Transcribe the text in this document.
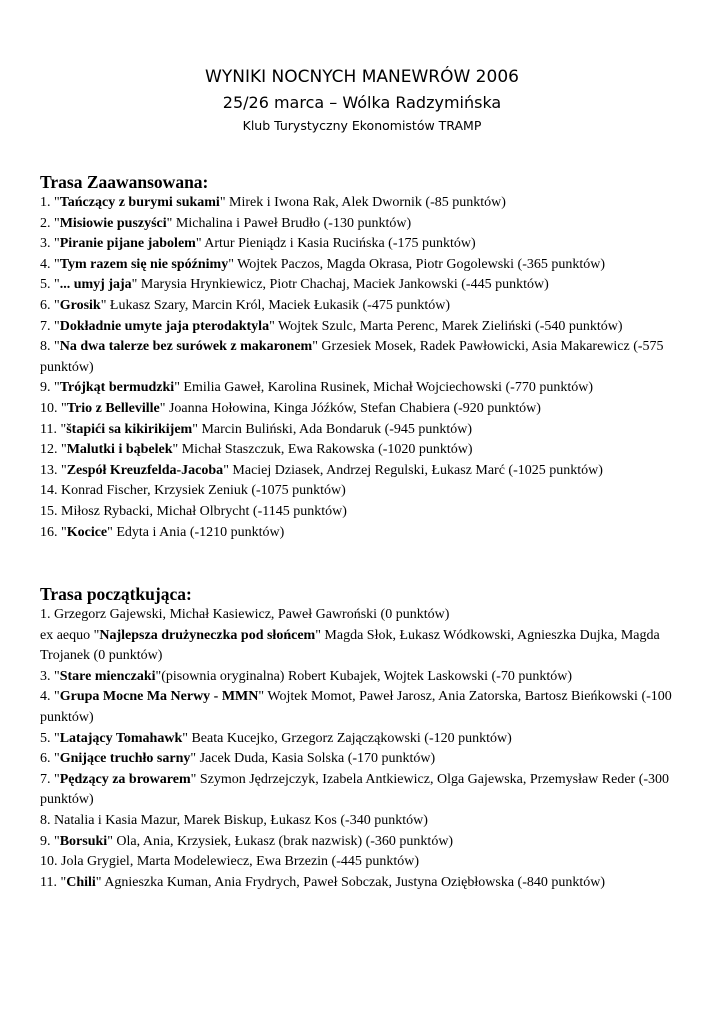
WYNIKI NOCNYCH MANEWRÓW 2006
25/26 marca – Wólka Radzymińska
Klub Turystyczny Ekonomistów TRAMP
Trasa Zaawansowana:
1. "Tańczący z burymi sukami" Mirek i Iwona Rak, Alek Dwornik (-85 punktów)
2. "Misiowie puszyści" Michalina i Paweł Brudło (-130 punktów)
3. "Piranie pijane jabolem" Artur Pieniądz i Kasia Rucińska (-175 punktów)
4. "Tym razem się nie spóźnimy" Wojtek Paczos, Magda Okrasa, Piotr Gogolewski (-365 punktów)
5. "... umyj jaja" Marysia Hrynkiewicz, Piotr Chachaj, Maciek Jankowski (-445 punktów)
6. "Grosik" Łukasz Szary, Marcin Król, Maciek Łukasik (-475 punktów)
7. "Dokładnie umyte jaja pterodaktyla" Wojtek Szulc, Marta Perenc, Marek Zieliński (-540 punktów)
8. "Na dwa talerze bez surówek z makaronem" Grzesiek Mosek, Radek Pawłowicki, Asia Makarewicz (-575 punktów)
9. "Trójkąt bermudzki" Emilia Gaweł, Karolina Rusinek, Michał Wojciechowski (-770 punktów)
10. "Trio z Belleville" Joanna Hołowina, Kinga Jóźków, Stefan Chabiera (-920 punktów)
11. "štapići sa kikirikijem" Marcin Buliński, Ada Bondaruk (-945 punktów)
12. "Malutki i bąbelek" Michał Staszczuk, Ewa Rakowska (-1020 punktów)
13. "Zespół Kreuzfelda-Jacoba" Maciej Dziasek, Andrzej Regulski, Łukasz Marć (-1025 punktów)
14. Konrad Fischer, Krzysiek Zeniuk (-1075 punktów)
15. Miłosz Rybacki, Michał Olbrycht (-1145 punktów)
16. "Kocice" Edyta i Ania (-1210 punktów)
Trasa początkująca:
1. Grzegorz Gajewski, Michał Kasiewicz, Paweł Gawroński (0 punktów)
ex aequo "Najlepsza drużyneczka pod słońcem" Magda Słok, Łukasz Wódkowski, Agnieszka Dujka, Magda Trojanek (0 punktów)
3. "Stare mienczaki"(pisownia oryginalna) Robert Kubajek, Wojtek Laskowski (-70 punktów)
4. "Grupa Mocne Ma Nerwy - MMN" Wojtek Momot, Paweł Jarosz, Ania Zatorska, Bartosz Bieńkowski (-100 punktów)
5. "Latający Tomahawk" Beata Kucejko, Grzegorz Zającząkowski (-120 punktów)
6. "Gnijące truchło sarny" Jacek Duda, Kasia Solska (-170 punktów)
7. "Pędzący za browarem" Szymon Jędrzejczyk, Izabela Antkiewicz, Olga Gajewska, Przemysław Reder (-300 punktów)
8. Natalia i Kasia Mazur, Marek Biskup, Łukasz Kos (-340 punktów)
9. "Borsuki" Ola, Ania, Krzysiek, Łukasz (brak nazwisk) (-360 punktów)
10. Jola Grygiel, Marta Modelewiecz, Ewa Brzezin (-445 punktów)
11. "Chili" Agnieszka Kuman, Ania Frydrych, Paweł Sobczak, Justyna Oziębłowska (-840 punktów)
